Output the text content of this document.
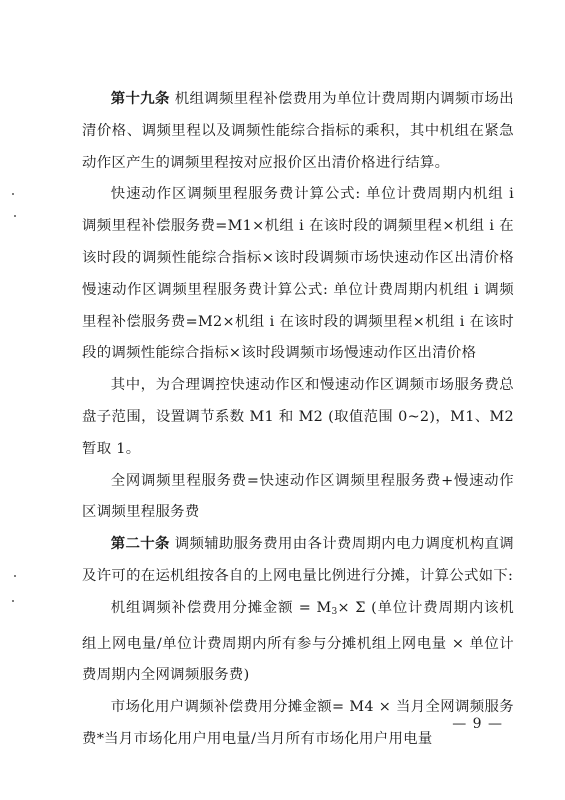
第十九条 机组调频里程补偿费用为单位计费周期内调频市场出清价格、调频里程以及调频性能综合指标的乘积，其中机组在紧急动作区产生的调频里程按对应报价区出清价格进行结算。

快速动作区调频里程服务费计算公式: 单位计费周期内机组 i 调频里程补偿服务费=M1×机组 i 在该时段的调频里程×机组 i 在该时段的调频性能综合指标×该时段调频市场快速动作区出清价格慢速动作区调频里程服务费计算公式: 单位计费周期内机组 i 调频里程补偿服务费=M2×机组 i 在该时段的调频里程×机组 i 在该时段的调频性能综合指标×该时段调频市场慢速动作区出清价格

其中，为合理调控快速动作区和慢速动作区调频市场服务费总盘子范围，设置调节系数 M1 和 M2 (取值范围 0~2)，M1、M2 暂取 1。

全网调频里程服务费=快速动作区调频里程服务费+慢速动作区调频里程服务费

第二十条 调频辅助服务费用由各计费周期内电力调度机构直调及许可的在运机组按各自的上网电量比例进行分摊，计算公式如下:

机组调频补偿费用分摊金额 = $M_3\times \Sigma$ (单位计费周期内该机组上网电量/单位计费周期内所有参与分摊机组上网电量 × 单位计费周期内全网调频服务费)

市场化用户调频补偿费用分摊金额= M4 × 当月全网调频服务费*当月市场化用户用电量/当月所有市场化用户用电量

— 9 —
